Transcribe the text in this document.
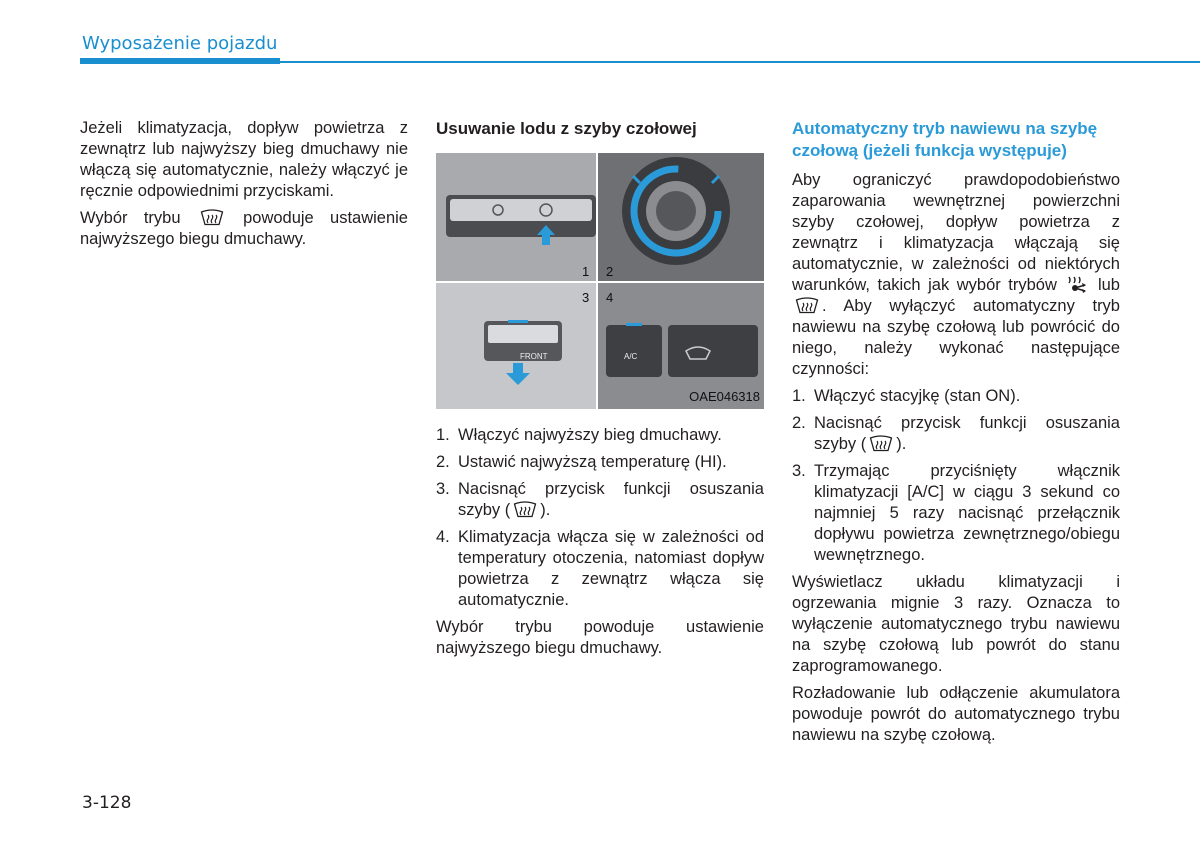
Wyposażenie pojazdu

Jeżeli klimatyzacja, dopływ powietrza z zewnątrz lub najwyższy bieg dmuchawy nie włączą się automatycznie, należy włączyć je ręcznie odpowiednimi przyciskami.

Wybór trybu	powoduje ustawienie najwyższego biegu dmuchawy.

Usuwanie lodu z szyby czołowej
1 2
3 4
FRONT	A/C
OAE046318
1. Włączyć najwyższy bieg dmuchawy.
2. Ustawić najwyższą temperaturę (HI).
3. Nacisnąć przycisk funkcji osuszania szyby ( ).
4. Klimatyzacja włącza się w zależności od temperatury otoczenia, natomiast dopływ powietrza z zewnątrz włącza się automatycznie.

Wybór trybu powoduje ustawienie najwyższego biegu dmuchawy.

Automatyczny tryb nawiewu na szybę czołową (jeżeli funkcja występuje)

Aby ograniczyć prawdopodobieństwo zaparowania wewnętrznej powierzchni szyby czołowej, dopływ powietrza z zewnątrz i klimatyzacja włączają się automatycznie, w zależności od niektórych warunków, takich jak wybór trybów lub . Aby wyłączyć automatyczny tryb nawiewu na szybę czołową lub powrócić do niego, należy wykonać następujące czynności:

1. Włączyć stacyjkę (stan ON).
2. Nacisnąć przycisk funkcji osuszania szyby ( ).
3. Trzymając przyciśnięty włącznik klimatyzacji [A/C] w ciągu 3 sekund co najmniej 5 razy nacisnąć przełącznik dopływu powietrza zewnętrznego/obiegu wewnętrznego.

Wyświetlacz układu klimatyzacji i ogrzewania mignie 3 razy. Oznacza to wyłączenie automatycznego trybu nawiewu na szybę czołową lub powrót do stanu zaprogramowanego.

Rozładowanie lub odłączenie akumulatora powoduje powrót do automatycznego trybu nawiewu na szybę czołową.

3-128
